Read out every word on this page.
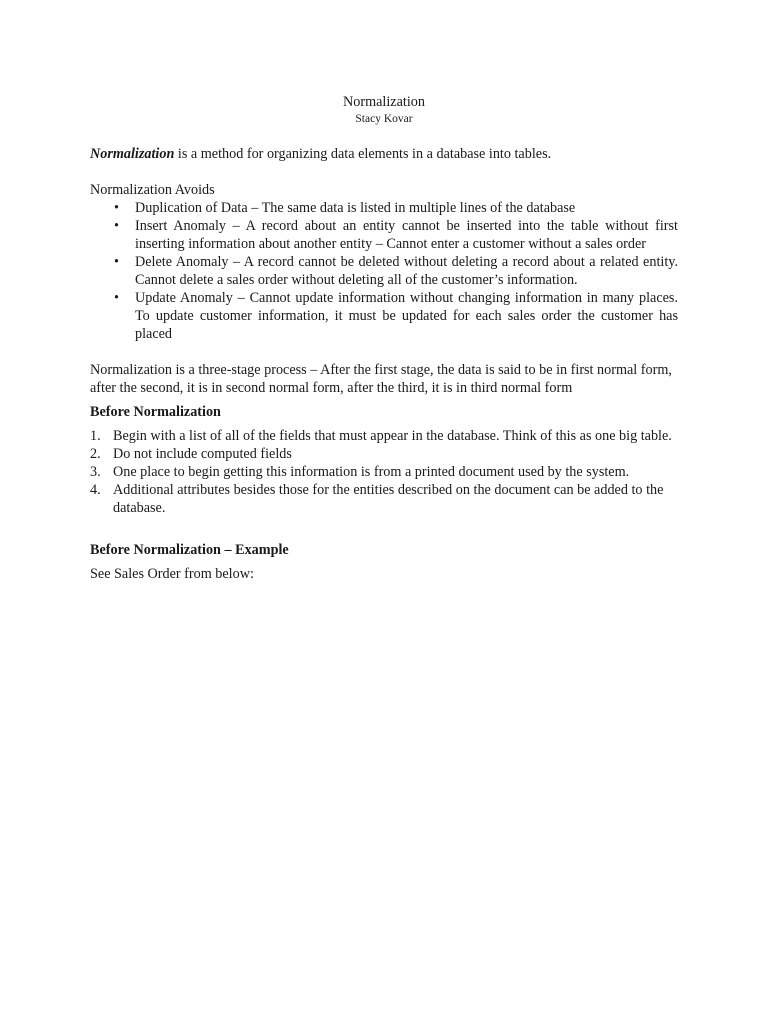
Normalization

Stacy Kovar

Normalization is a method for organizing data elements in a database into tables.

Normalization Avoids

• Duplication of Data – The same data is listed in multiple lines of the database
• Insert Anomaly – A record about an entity cannot be inserted into the table without first inserting information about another entity – Cannot enter a customer without a sales order
• Delete Anomaly – A record cannot be deleted without deleting a record about a related entity. Cannot delete a sales order without deleting all of the customer’s information.
• Update Anomaly – Cannot update information without changing information in many places. To update customer information, it must be updated for each sales order the customer has placed

Normalization is a three-stage process – After the first stage, the data is said to be in first normal form, after the second, it is in second normal form, after the third, it is in third normal form

Before Normalization

1. Begin with a list of all of the fields that must appear in the database. Think of this as one big table.
2. Do not include computed fields
3. One place to begin getting this information is from a printed document used by the system.
4. Additional attributes besides those for the entities described on the document can be added to the database.

Before Normalization – Example

See Sales Order from below:
